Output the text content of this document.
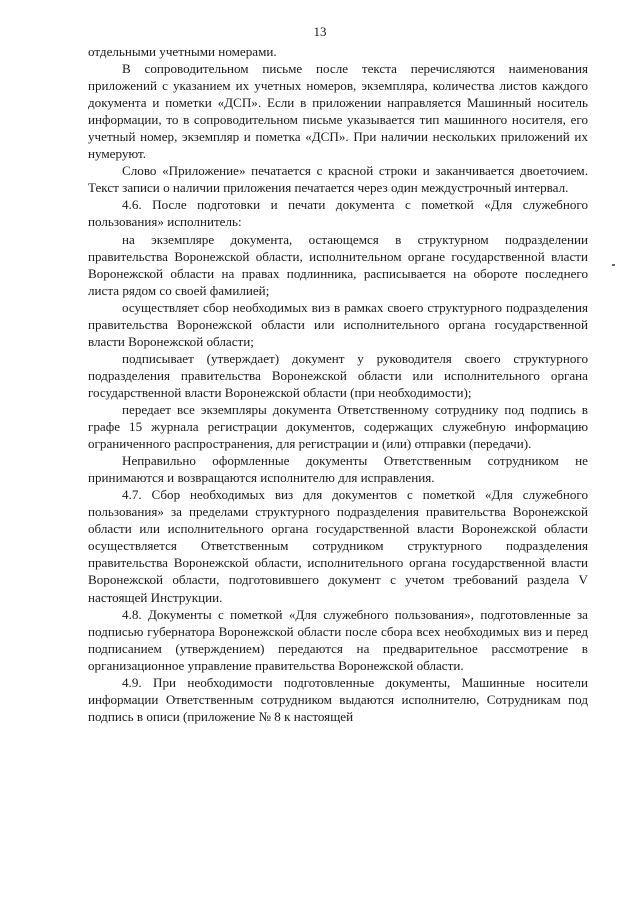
13

отдельными учетными номерами.

В сопроводительном письме после текста перечисляются наименования приложений с указанием их учетных номеров, экземпляра, количества листов каждого документа и пометки «ДСП». Если в приложении направляется Машинный носитель информации, то в сопроводительном письме указывается тип машинного носителя, его учетный номер, экземпляр и пометка «ДСП». При наличии нескольких приложений их нумеруют.

Слово «Приложение» печатается с красной строки и заканчивается двоеточием. Текст записи о наличии приложения печатается через один междустрочный интервал.

4.6. После подготовки и печати документа с пометкой «Для служебного пользования» исполнитель:

на экземпляре документа, остающемся в структурном подразделении правительства Воронежской области, исполнительном органе государственной власти Воронежской области на правах подлинника, расписывается на обороте последнего листа рядом со своей фамилией;

осуществляет сбор необходимых виз в рамках своего структурного подразделения правительства Воронежской области или исполнительного органа государственной власти Воронежской области;

подписывает (утверждает) документ у руководителя своего структурного подразделения правительства Воронежской области или исполнительного органа государственной власти Воронежской области (при необходимости);

передает все экземпляры документа Ответственному сотруднику под подпись в графе 15 журнала регистрации документов, содержащих служебную информацию ограниченного распространения, для регистрации и (или) отправки (передачи).

Неправильно оформленные документы Ответственным сотрудником не принимаются и возвращаются исполнителю для исправления.

4.7. Сбор необходимых виз для документов с пометкой «Для служебного пользования» за пределами структурного подразделения правительства Воронежской области или исполнительного органа государственной власти Воронежской области осуществляется Ответственным сотрудником структурного подразделения правительства Воронежской области, исполнительного органа государственной власти Воронежской области, подготовившего документ с учетом требований раздела V настоящей Инструкции.

4.8. Документы с пометкой «Для служебного пользования», подготовленные за подписью губернатора Воронежской области после сбора всех необходимых виз и перед подписанием (утверждением) передаются на предварительное рассмотрение в организационное управление правительства Воронежской области.

4.9. При необходимости подготовленные документы, Машинные носители информации Ответственным сотрудником выдаются исполнителю, Сотрудникам под подпись в описи (приложение № 8 к настоящей
